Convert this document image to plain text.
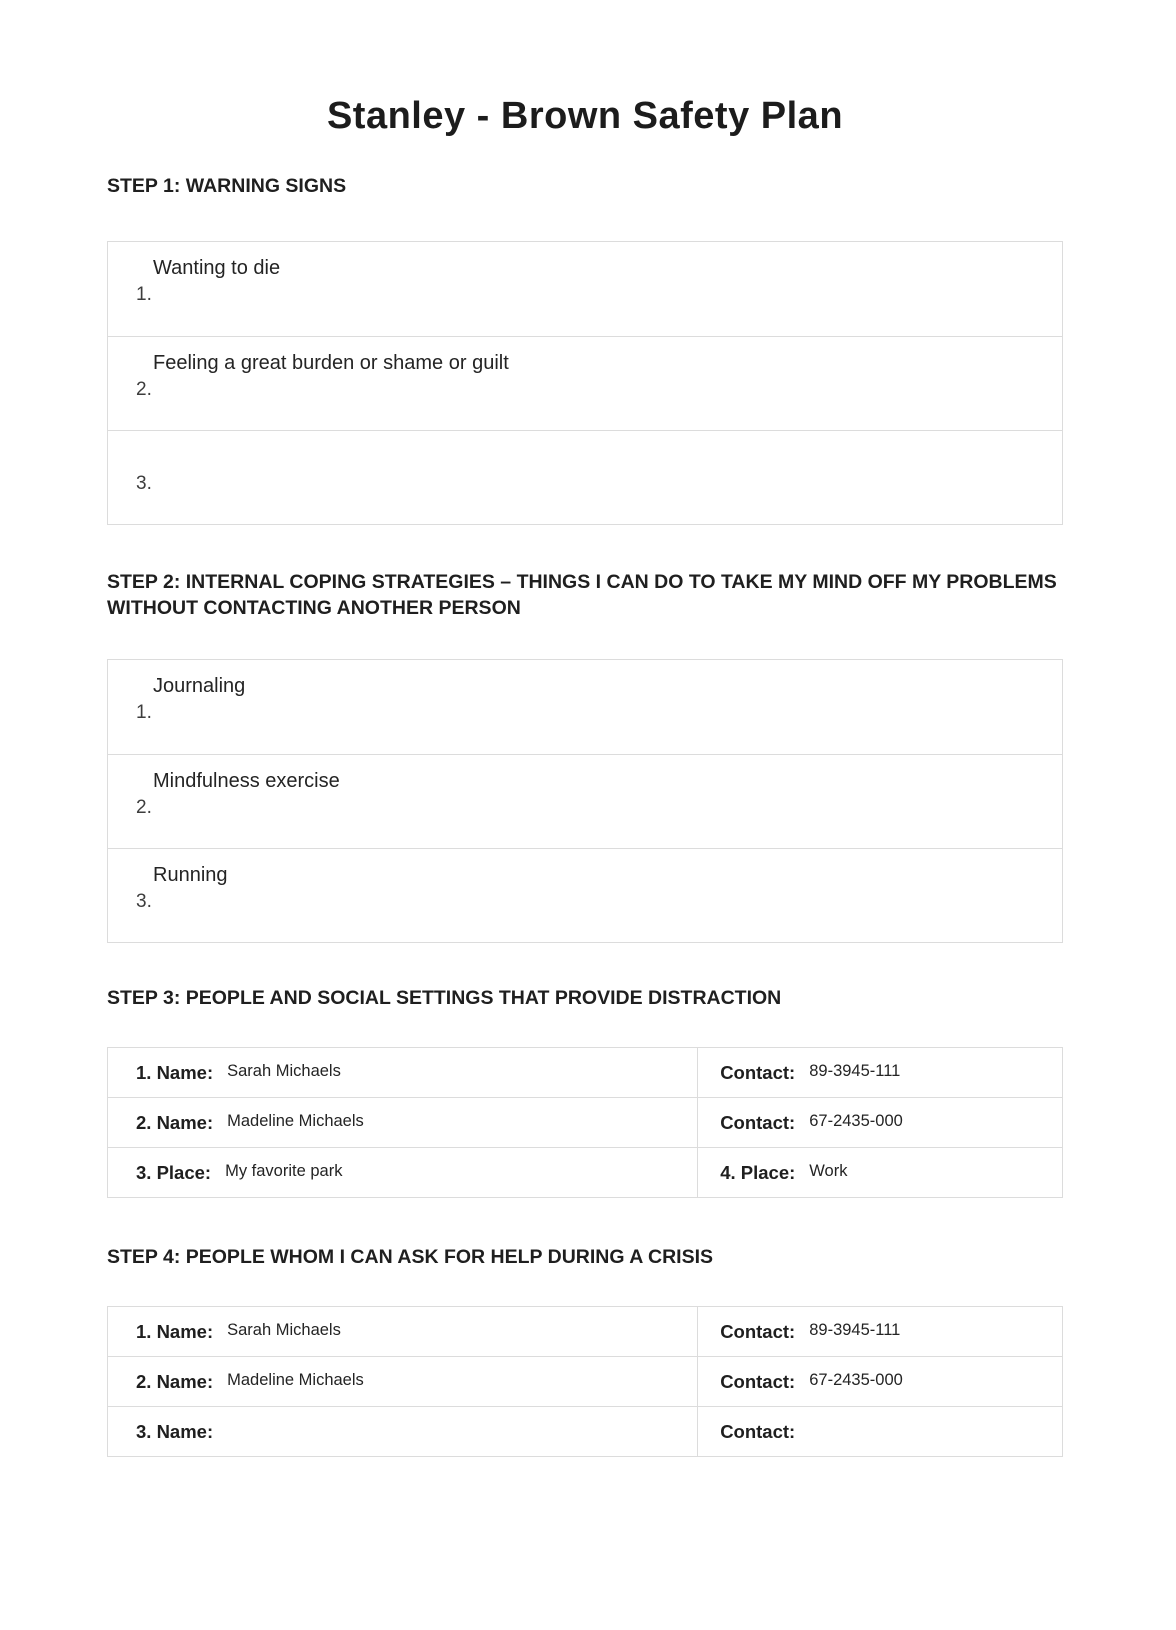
Stanley - Brown Safety Plan
STEP 1: WARNING SIGNS
Wanting to die
1.
Feeling a great burden or shame or guilt
2.
3.
STEP 2: INTERNAL COPING STRATEGIES – THINGS I CAN DO TO TAKE MY MIND OFF MY PROBLEMS WITHOUT CONTACTING ANOTHER PERSON
Journaling
1.
Mindfulness exercise
2.
Running
3.
STEP 3: PEOPLE AND SOCIAL SETTINGS THAT PROVIDE DISTRACTION
1. Name: Sarah Michaels	Contact: 89-3945-111

2. Name: Madeline Michaels	Contact: 67-2435-000

3. Place: My favorite park	4. Place: Work
STEP 4: PEOPLE WHOM I CAN ASK FOR HELP DURING A CRISIS
1. Name: Sarah Michaels	Contact: 89-3945-111

2. Name: Madeline Michaels	Contact: 67-2435-000

3. Name:	Contact:
